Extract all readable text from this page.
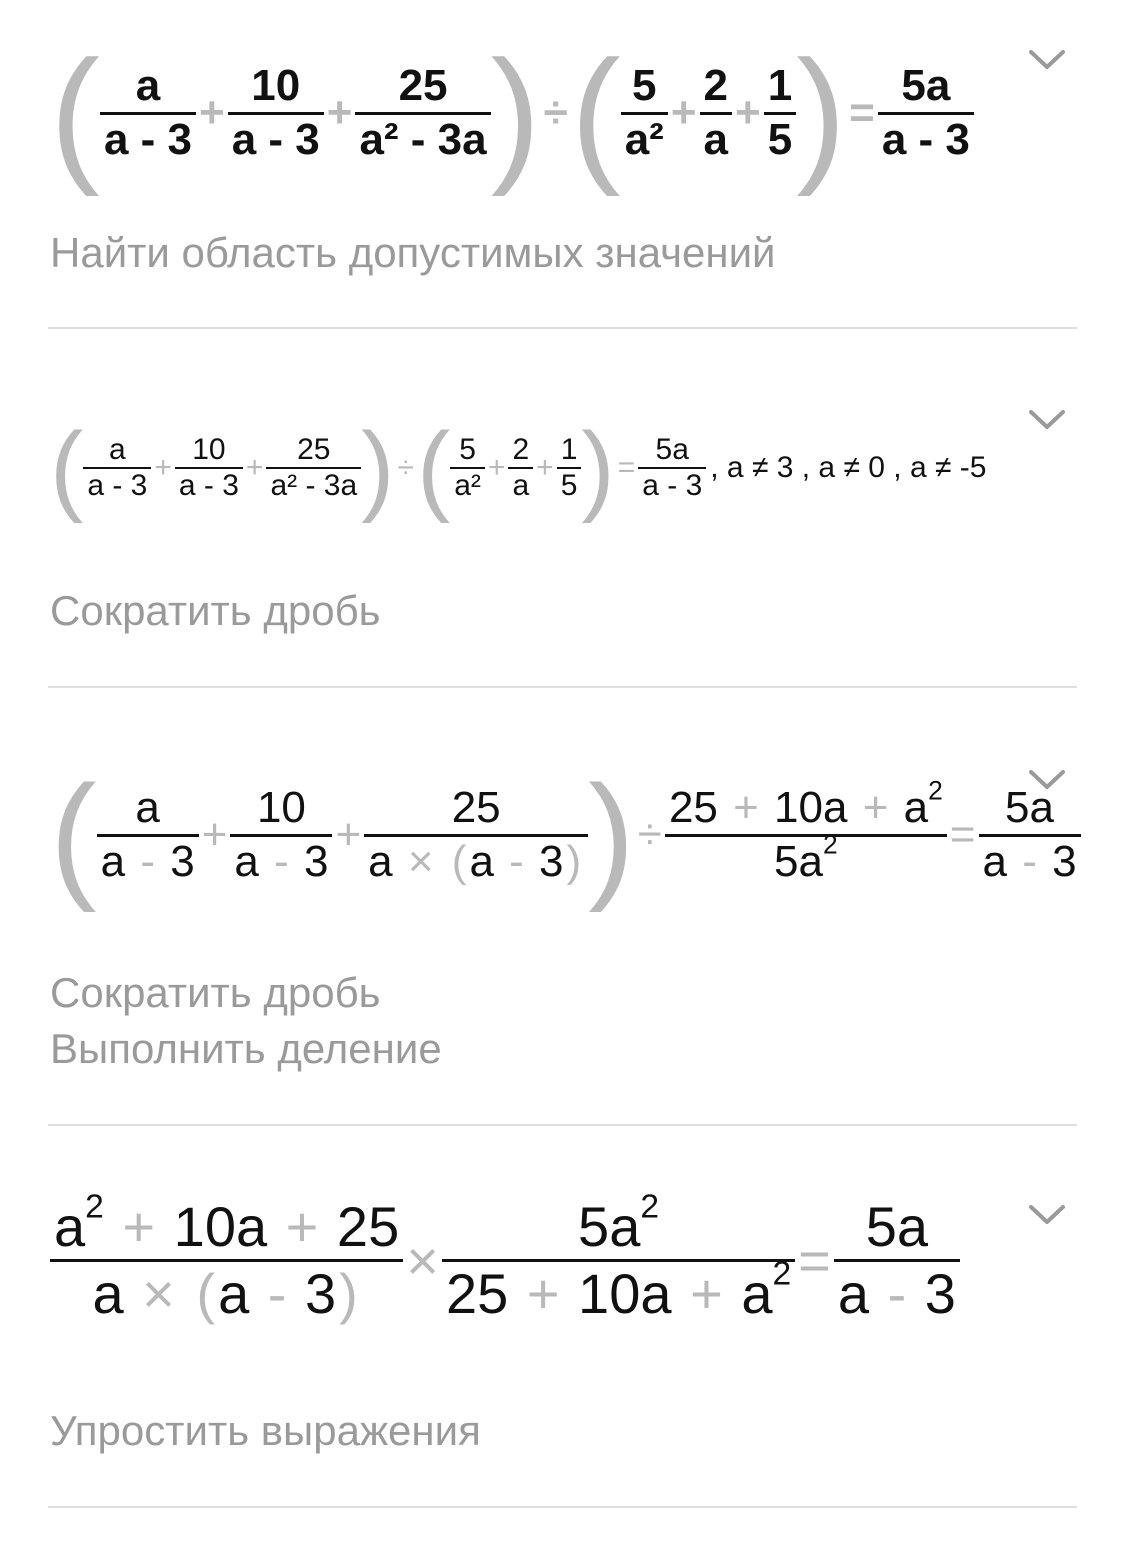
( $\frac{a}{a - 3} + \frac{10}{a - 3} + \frac{25}{\text{a² - 3a}}$ ) ÷ ( $\frac{5}{\text{a²}} + \frac{2}{a} + \frac{1}{5}$ ) = $\frac{5a}{a - 3}$
Найти область допустимых значений
( $\frac{a}{a - 3} + \frac{10}{a - 3} + \frac{25}{\text{a² - 3a}}$ ) ÷ ( $\frac{5}{\text{a²}} + \frac{2}{a} + \frac{1}{5}$ ) = $\frac{5a}{a - 3}$ , a ≠ 3 , a ≠ 0 , a ≠ -5
Сократить дробь
( $\frac{a}{a - 3} + \frac{10}{a - 3} + \frac{25}{a \times (a - 3)}$ ) ÷ $\frac{25 + 10a + a^2}{5a^2} = \frac{5a}{a - 3}$
Сократить дробь
Выполнить деление
$\frac{a^2 + 10a + 25}{a \times (a - 3)} \times \frac{5a^2}{25 + 10a + a^2} = \frac{5a}{a - 3}$
Упростить выражения
